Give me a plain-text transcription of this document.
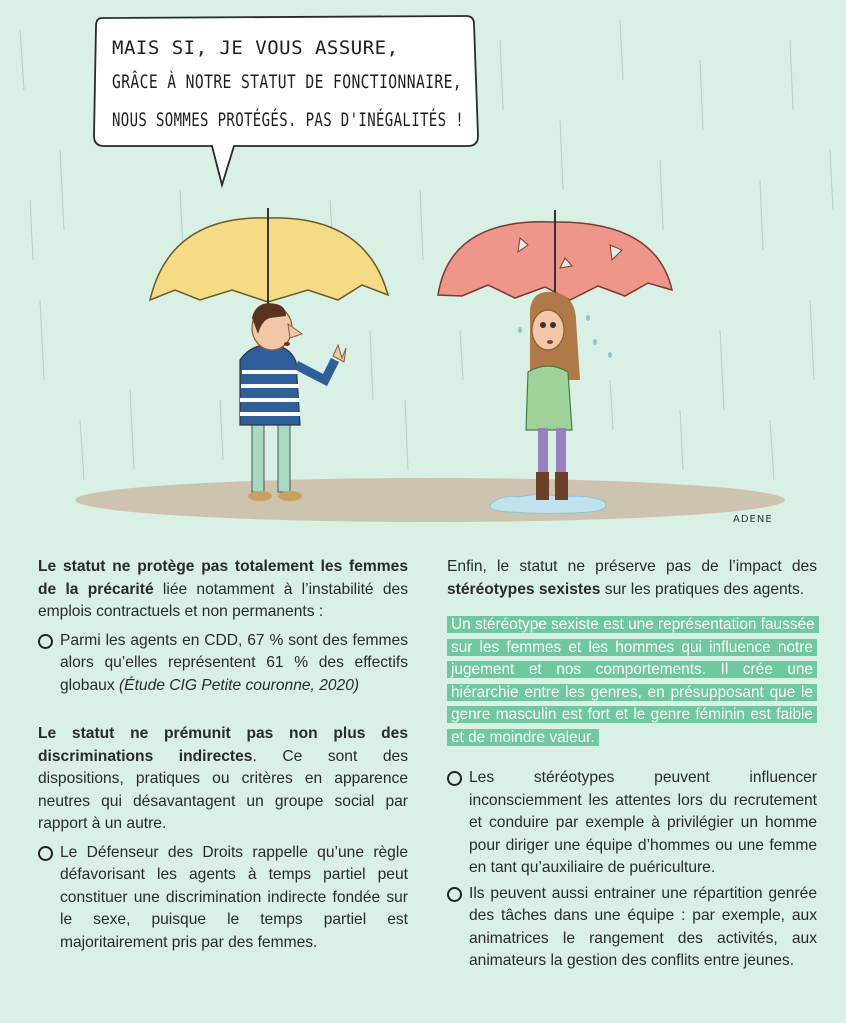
MAIS SI, JE VOUS ASSURE,
GRÂCE À NOTRE STATUT DE FONCTIONNAIRE,
NOUS SOMMES PROTÉGÉS. PAS D'INÉGALITÉS !
ADENE

Le statut ne protège pas totalement les femmes de la précarité liée notamment à l’instabilité des emplois contractuels et non permanents :

Parmi les agents en CDD, 67 % sont des femmes alors qu’elles représentent 61 % des effectifs globaux (Étude CIG Petite couronne, 2020)

Le statut ne prémunit pas non plus des discriminations indirectes. Ce sont des dispositions, pratiques ou critères en apparence neutres qui désavantagent un groupe social par rapport à un autre.

Le Défenseur des Droits rappelle qu’une règle défavorisant les agents à temps partiel peut constituer une discrimination indirecte fondée sur le sexe, puisque le temps partiel est majoritairement pris par des femmes.

Enfin, le statut ne préserve pas de l’impact des stéréotypes sexistes sur les pratiques des agents.

Un stéréotype sexiste est une représentation faussée sur les femmes et les hommes qui influence notre jugement et nos comportements. Il crée une hiérarchie entre les genres, en présupposant que le genre masculin est fort et le genre féminin est faible et de moindre valeur.

Les stéréotypes peuvent influencer inconsciemment les attentes lors du recrutement et conduire par exemple à privilégier un homme pour diriger une équipe d’hommes ou une femme en tant qu’auxiliaire de puériculture.

Ils peuvent aussi entrainer une répartition genrée des tâches dans une équipe : par exemple, aux animatrices le rangement des activités, aux animateurs la gestion des conflits entre jeunes.
